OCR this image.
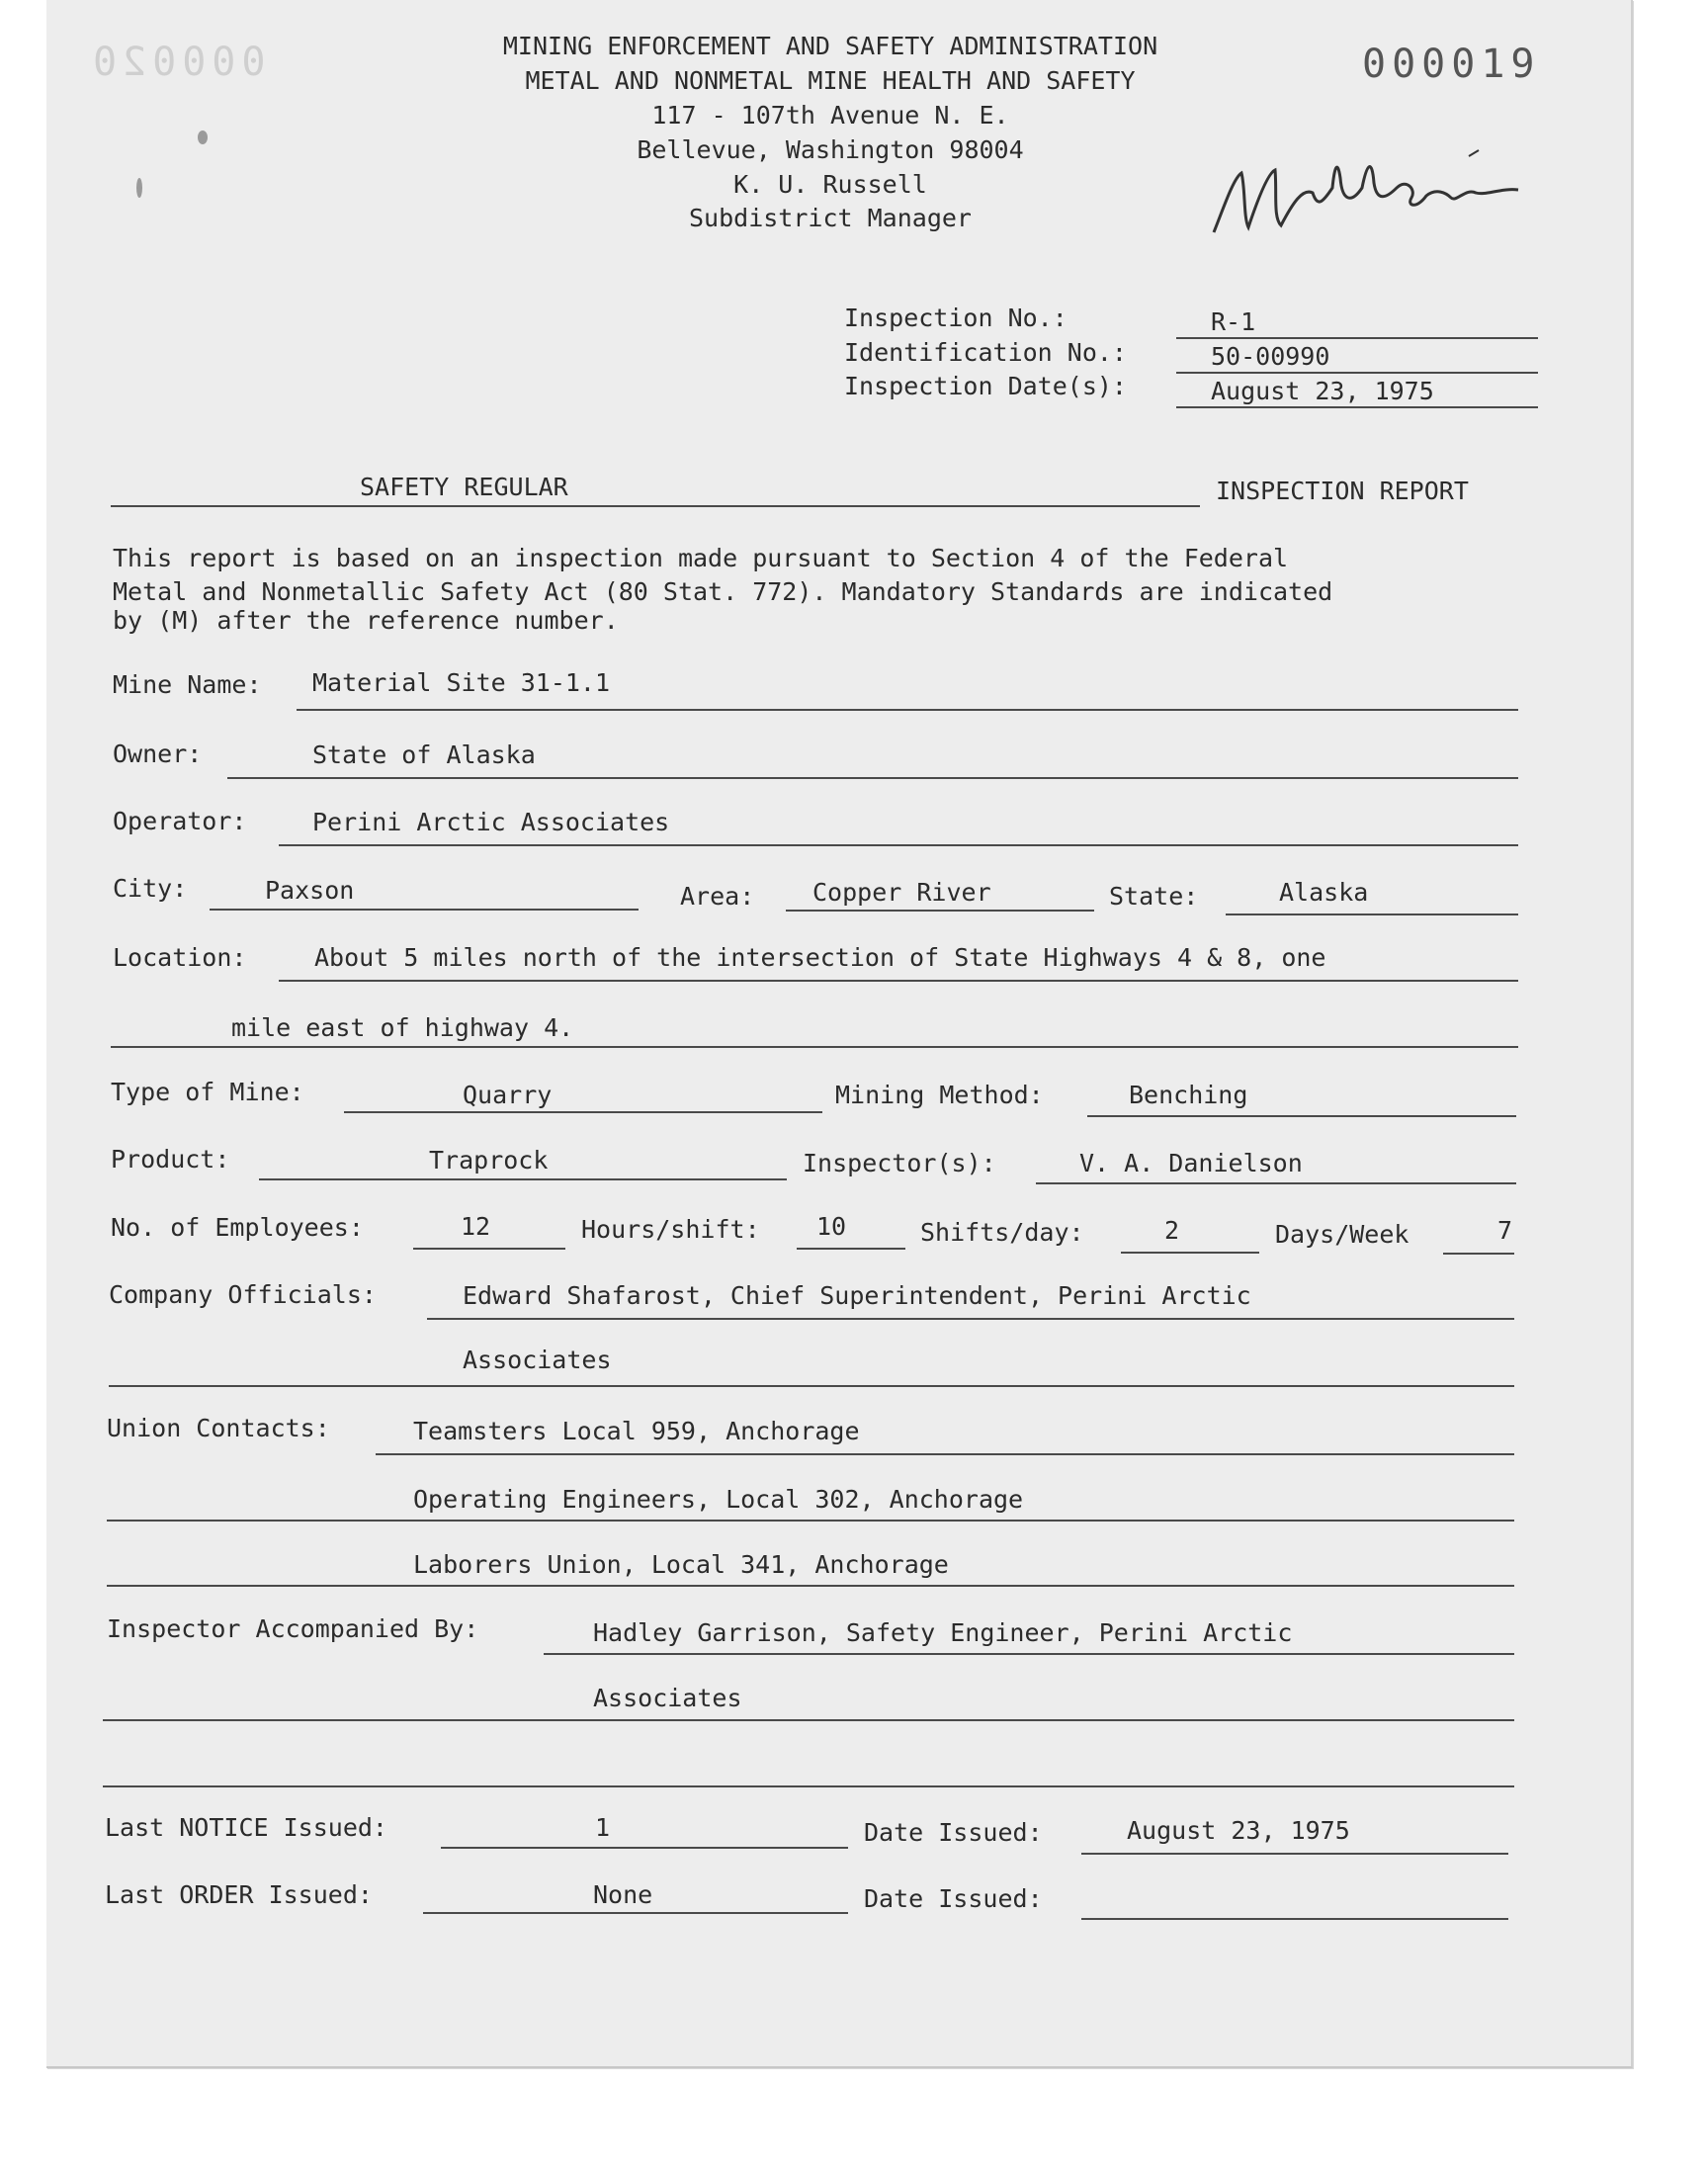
000020	MINING ENFORCEMENT AND SAFETY ADMINISTRATION
METAL AND NONMETAL MINE HEALTH AND SAFETY
117 - 107th Avenue N. E.
Bellevue, Washington 98004
K. U. Russell
Subdistrict Manager
000019
Inspection No.:	R-1
Identification No.:	50-00990
Inspection Date(s):	August 23, 1975
SAFETY REGULAR	INSPECTION REPORT
This report is based on an inspection made pursuant to Section 4 of the Federal
Metal and Nonmetallic Safety Act (80 Stat. 772). Mandatory Standards are indicated
by (M) after the reference number.
Mine Name: Material Site 31-1.1
Owner:	State of Alaska
Operator:	Perini Arctic Associates
City:	Paxson	Area: Copper River	State:	Alaska
Location:	About 5 miles north of the intersection of State Highways 4 & 8, one
mile east of highway 4.
Type of Mine:	Quarry	Mining Method:	Benching
Product:	Traprock	Inspector(s):	V. A. Danielson
No. of Employees:	12	Hours/shift: 10	Shifts/day:	2	Days/Week	7
Company Officials:	Edward Shafarost, Chief Superintendent, Perini Arctic
Associates
Union Contacts:	Teamsters Local 959, Anchorage
Operating Engineers, Local 302, Anchorage
Laborers Union, Local 341, Anchorage
Inspector Accompanied By:	Hadley Garrison, Safety Engineer, Perini Arctic
Associates
Last NOTICE Issued:	1	Date Issued:	August 23, 1975
Last ORDER Issued:	None	Date Issued:
